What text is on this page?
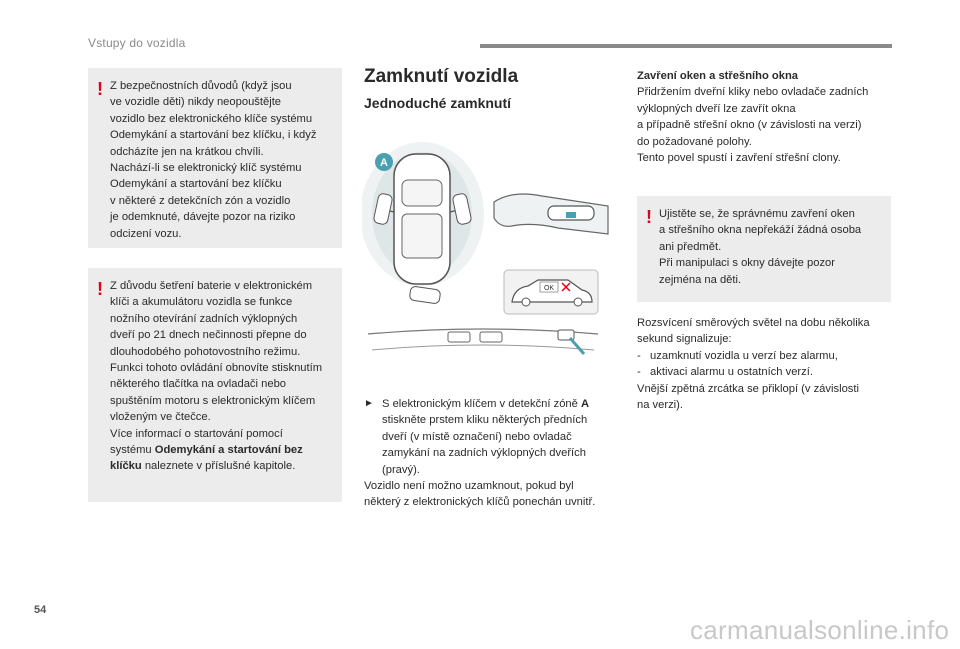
Vstupy do vozidla
! Z bezpečnostních důvodů (když jsou
ve vozidle děti) nikdy neopouštějte
vozidlo bez elektronického klíče systému
Odemykání a startování bez klíčku, i když
odcházíte jen na krátkou chvíli.
Nachází-li se elektronický klíč systému
Odemykání a startování bez klíčku
v některé z detekčních zón a vozidlo
je odemknuté, dávejte pozor na riziko
odcizení vozu.

! Z důvodu šetření baterie v elektronickém
klíči a akumulátoru vozidla se funkce
nožního otevírání zadních výklopných
dveří po 21 dnech nečinnosti přepne do
dlouhodobého pohotovostního režimu.
Funkci tohoto ovládání obnovíte stisknutím
některého tlačítka na ovladači nebo
spuštěním motoru s elektronickým klíčem
vloženým ve čtečce.
Více informací o startování pomocí
systému Odemykání a startování bez
klíčku naleznete v příslušné kapitole.

Zamknutí vozidla
Jednoduché zamknutí
A
OK
► S elektronickým klíčem v detekční zóně A
stiskněte prstem kliku některých předních
dveří (v místě označení) nebo ovladač
zamykání na zadních výklopných dveřích
(pravý).
Vozidlo není možno uzamknout, pokud byl
některý z elektronických klíčů ponechán uvnitř.
Zavření oken a střešního okna
Přidržením dveřní kliky nebo ovladače zadních
výklopných dveří lze zavřít okna
a případně střešní okno (v závislosti na verzi)
do požadované polohy.
Tento povel spustí i zavření střešní clony.
! Ujistěte se, že správnému zavření oken
a střešního okna nepřekáží žádná osoba
ani předmět.
Při manipulaci s okny dávejte pozor
zejména na děti.

Rozsvícení směrových světel na dobu několika
sekund signalizuje:
-   uzamknutí vozidla u verzí bez alarmu,
-   aktivaci alarmu u ostatních verzí.
Vnější zpětná zrcátka se přiklopí (v závislosti
na verzi).
54
carmanualsonline.info
